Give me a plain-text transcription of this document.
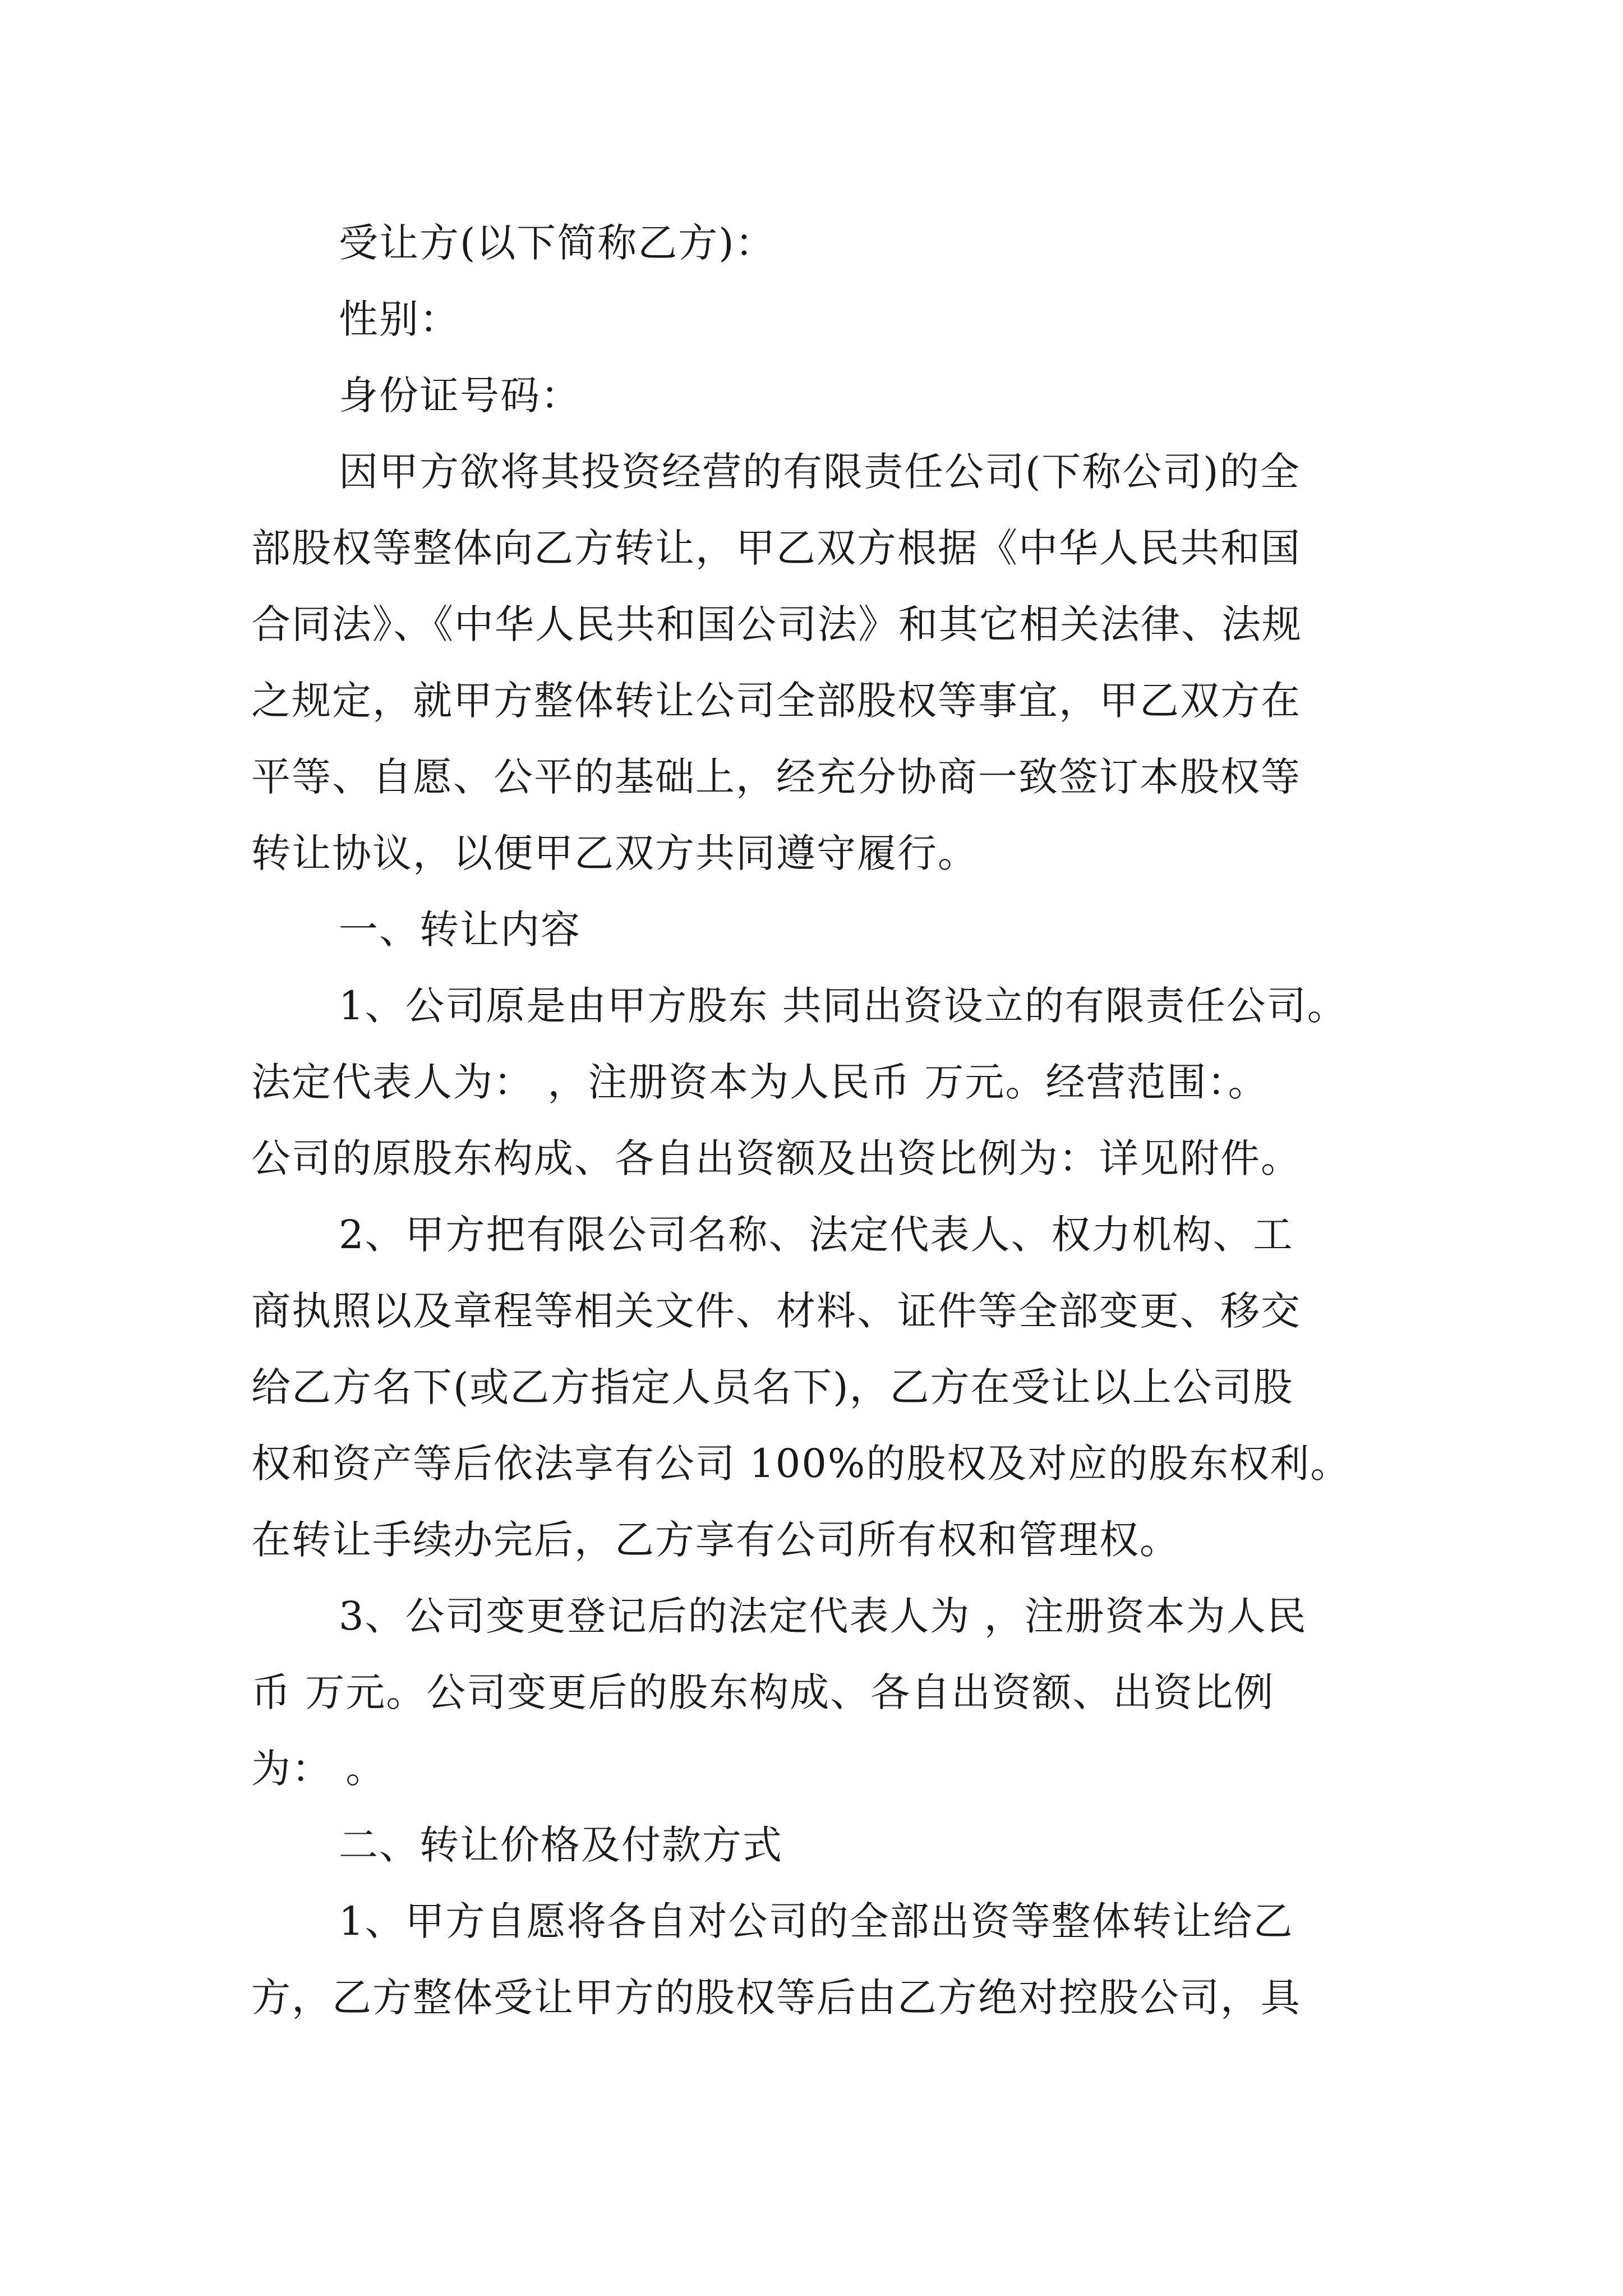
受让方(以下简称乙方)：
性别：
身份证号码：
因甲方欲将其投资经营的有限责任公司(下称公司)的全
部股权等整体向乙方转让，甲乙双方根据《中华人民共和国
合同法》、《中华人民共和国公司法》和其它相关法律、法规
之规定，就甲方整体转让公司全部股权等事宜，甲乙双方在
平等、自愿、公平的基础上，经充分协商一致签订本股权等
转让协议，以便甲乙双方共同遵守履行。
一、转让内容
1、公司原是由甲方股东 共同出资设立的有限责任公司。
法定代表人为： ，注册资本为人民币 万元。经营范围：。
公司的原股东构成、各自出资额及出资比例为：详见附件。
2、甲方把有限公司名称、法定代表人、权力机构、工
商执照以及章程等相关文件、材料、证件等全部变更、移交
给乙方名下(或乙方指定人员名下)，乙方在受让以上公司股
权和资产等后依法享有公司 100%的股权及对应的股东权利。
在转让手续办完后，乙方享有公司所有权和管理权。
3、公司变更登记后的法定代表人为 ，注册资本为人民
币 万元。公司变更后的股东构成、各自出资额、出资比例
为： 。
二、转让价格及付款方式
1、甲方自愿将各自对公司的全部出资等整体转让给乙
方，乙方整体受让甲方的股权等后由乙方绝对控股公司，具
